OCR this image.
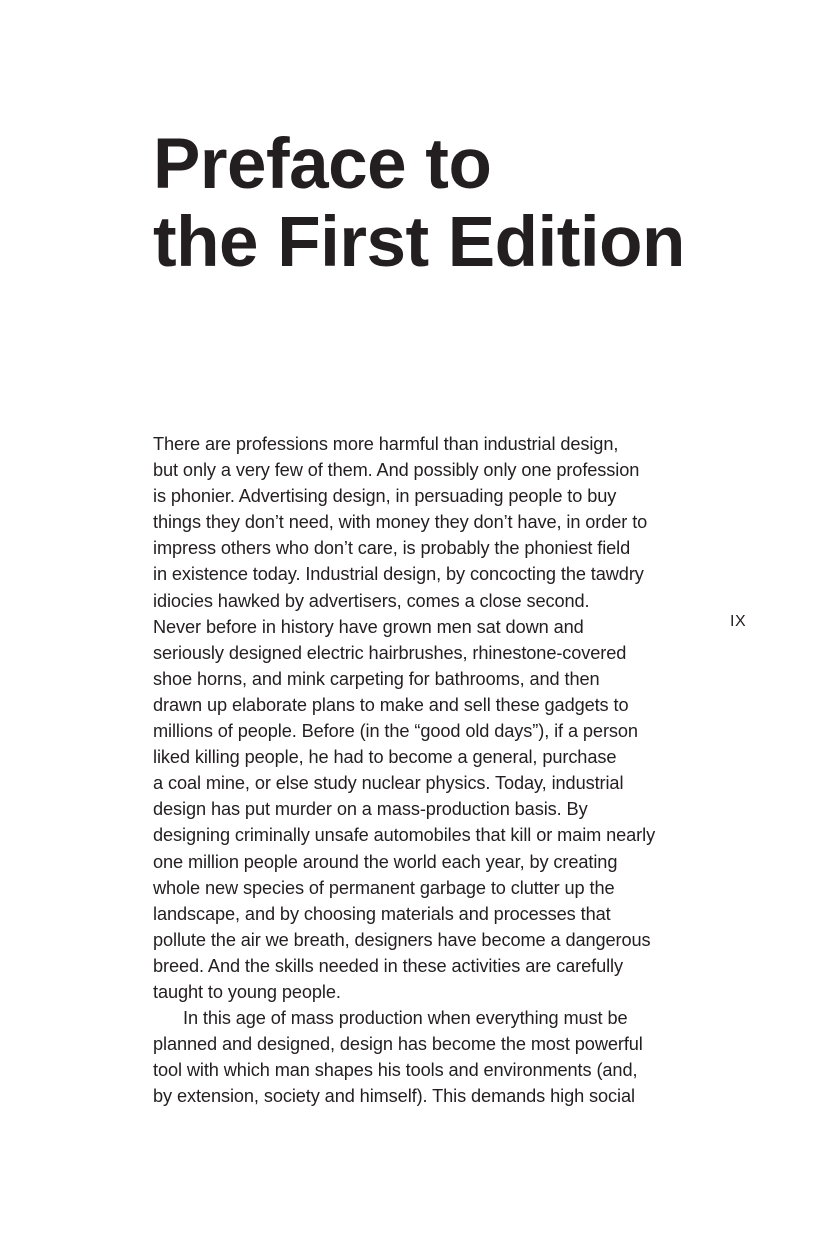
Preface to
the First Edition
There are professions more harmful than industrial design,
but only a very few of them. And possibly only one profession
is phonier. Advertising design, in persuading people to buy
things they don’t need, with money they don’t have, in order to
impress others who don’t care, is probably the phoniest field
in existence today. Industrial design, by concocting the tawdry
idiocies hawked by advertisers, comes a close second.
Never before in history have grown men sat down and
seriously designed electric hairbrushes, rhinestone-covered
shoe horns, and mink carpeting for bathrooms, and then
drawn up elaborate plans to make and sell these gadgets to
millions of people. Before (in the “good old days”), if a person
liked killing people, he had to become a general, purchase
a coal mine, or else study nuclear physics. Today, industrial
design has put murder on a mass-production basis. By
designing criminally unsafe automobiles that kill or maim nearly
one million people around the world each year, by creating
whole new species of permanent garbage to clutter up the
landscape, and by choosing materials and processes that
pollute the air we breath, designers have become a dangerous
breed. And the skills needed in these activities are carefully
taught to young people.
In this age of mass production when everything must be
planned and designed, design has become the most powerful
tool with which man shapes his tools and environments (and,
by extension, society and himself). This demands high social
IX
